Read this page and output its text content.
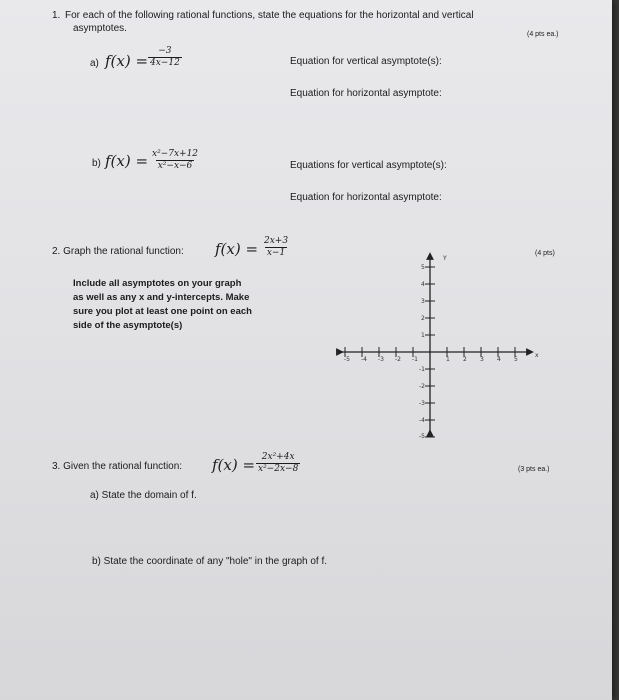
1. For each of the following rational functions, state the equations for the horizontal and vertical
asymptotes.
(4 pts ea.)
a) $f(x) = \frac{-3}{4x-12}$	Equation for vertical asymptote(s):
Equation for horizontal asymptote:
b) $f(x) = \frac{\text{x²−7x+12}}{\text{x²−x−6}}$	Equations for vertical asymptote(s):
Equation for horizontal asymptote:
2. Graph the rational function: $f(x) = \frac{2x+3}{x-1}$	(4 pts)
Include all asymptotes on your graph
as well as any x and y-intercepts. Make
sure you plot at least one point on each
side of the asymptote(s)
Y
x
-5 -4 -3 -2 -1	1 2 3 4 5
5
4
3
2
1
-1
-2
-3
-4
-5
3. Given the rational function: $f(x) = \frac{\text{2x²+4x}}{\text{x²−2x−8}}$	(3 pts ea.)
a) State the domain of f.
b) State the coordinate of any "hole" in the graph of f.
